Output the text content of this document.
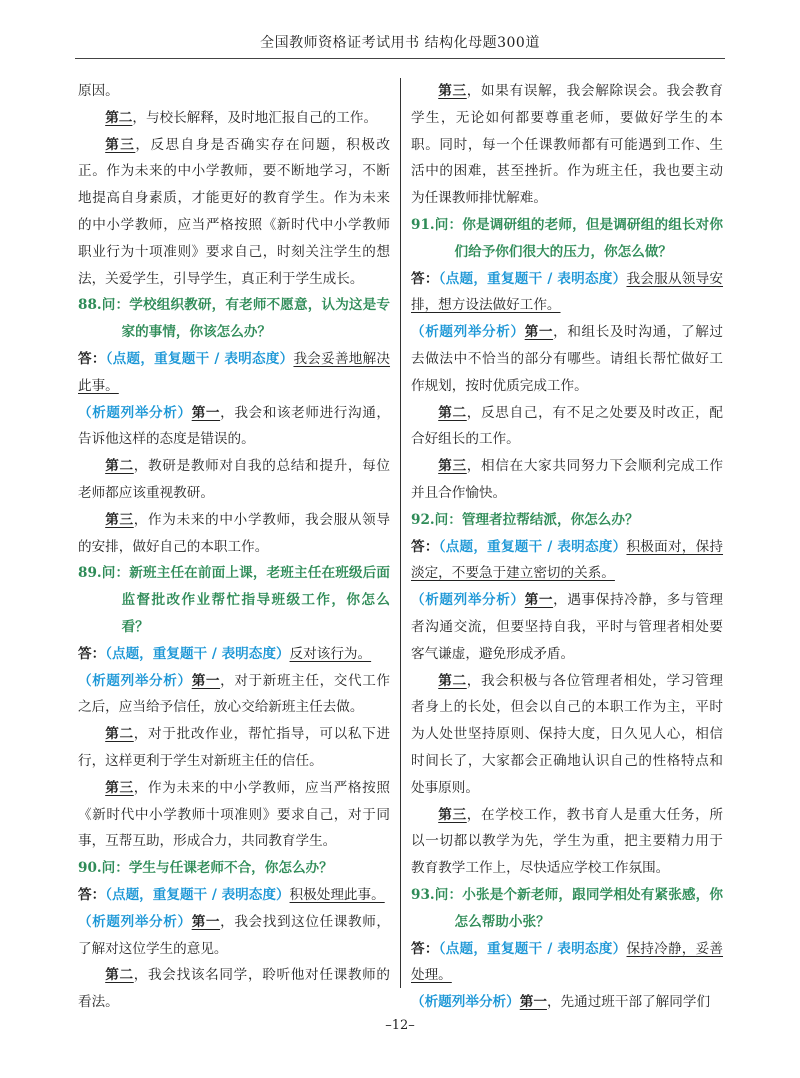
全国教师资格证考试用书 结构化母题300道

原因。

第二，与校长解释，及时地汇报自己的工作。

第三，反思自身是否确实存在问题，积极改正。作为未来的中小学教师，要不断地学习，不断地提高自身素质，才能更好的教育学生。作为未来的中小学教师，应当严格按照《新时代中小学教师职业行为十项准则》要求自己，时刻关注学生的想法，关爱学生，引导学生，真正利于学生成长。

88.问：学校组织教研，有老师不愿意，认为这是专家的事情，你该怎么办？

答：（点题，重复题干 / 表明态度）我会妥善地解决此事。

（析题列举分析）第一，我会和该老师进行沟通，告诉他这样的态度是错误的。

第二，教研是教师对自我的总结和提升，每位老师都应该重视教研。

第三，作为未来的中小学教师，我会服从领导的安排，做好自己的本职工作。

89.问：新班主任在前面上课，老班主任在班级后面监督批改作业帮忙指导班级工作，你怎么看？

答：（点题，重复题干 / 表明态度）反对该行为。

（析题列举分析）第一，对于新班主任，交代工作之后，应当给予信任，放心交给新班主任去做。

第二，对于批改作业，帮忙指导，可以私下进行，这样更利于学生对新班主任的信任。

第三，作为未来的中小学教师，应当严格按照《新时代中小学教师十项准则》要求自己，对于同事，互帮互助，形成合力，共同教育学生。

90.问：学生与任课老师不合，你怎么办？

答：（点题，重复题干 / 表明态度）积极处理此事。

（析题列举分析）第一，我会找到这位任课教师，了解对这位学生的意见。

第二，我会找该名同学，聆听他对任课教师的看法。

第三，如果有误解，我会解除误会。我会教育学生，无论如何都要尊重老师，要做好学生的本职。同时，每一个任课教师都有可能遇到工作、生活中的困难，甚至挫折。作为班主任，我也要主动为任课教师排忧解难。

91.问：你是调研组的老师，但是调研组的组长对你们给予你们很大的压力，你怎么做？

答：（点题，重复题干 / 表明态度）我会服从领导安排，想方设法做好工作。

（析题列举分析）第一，和组长及时沟通，了解过去做法中不恰当的部分有哪些。请组长帮忙做好工作规划，按时优质完成工作。

第二，反思自己，有不足之处要及时改正，配合好组长的工作。

第三，相信在大家共同努力下会顺利完成工作并且合作愉快。

92.问：管理者拉帮结派，你怎么办？

答：（点题，重复题干 / 表明态度）积极面对，保持淡定，不要急于建立密切的关系。

（析题列举分析）第一，遇事保持冷静，多与管理者沟通交流，但要坚持自我，平时与管理者相处要客气谦虚，避免形成矛盾。

第二，我会积极与各位管理者相处，学习管理者身上的长处，但会以自己的本职工作为主，平时为人处世坚持原则、保持大度，日久见人心，相信时间长了，大家都会正确地认识自己的性格特点和处事原则。

第三，在学校工作，教书育人是重大任务，所以一切都以教学为先，学生为重，把主要精力用于教育教学工作上，尽快适应学校工作氛围。

93.问：小张是个新老师，跟同学相处有紧张感，你怎么帮助小张？

答：（点题，重复题干 / 表明态度）保持冷静，妥善处理。

（析题列举分析）第一，先通过班干部了解同学们

–12–
